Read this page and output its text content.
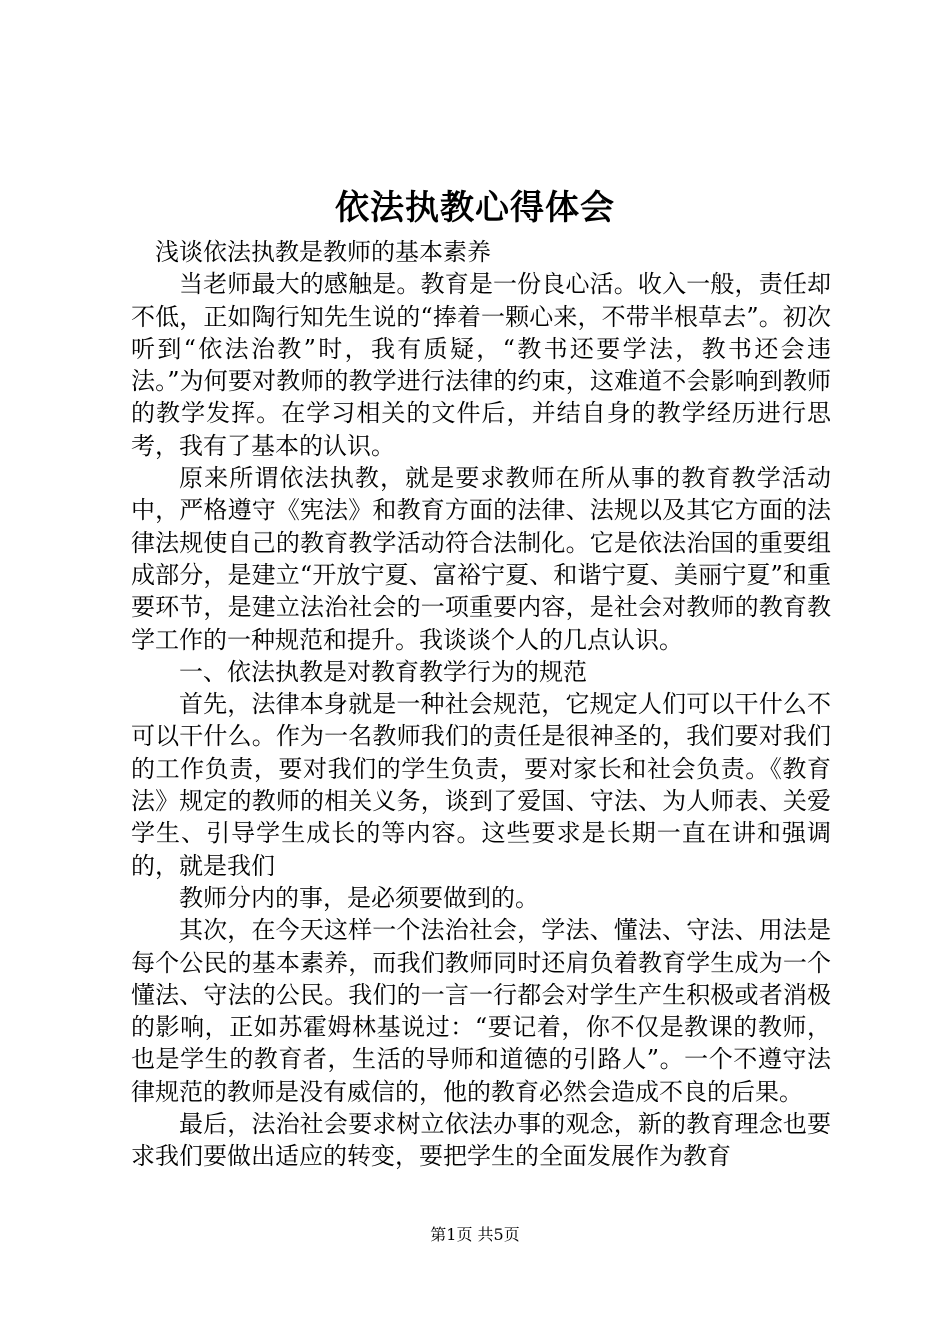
依法执教心得体会

浅谈依法执教是教师的基本素养

当老师最大的感触是。教育是一份良心活。收入一般，责任却不低，正如陶行知先生说的“捧着一颗心来，不带半根草去”。初次听到“依法治教”时，我有质疑，“教书还要学法，教书还会违法。”为何要对教师的教学进行法律的约束，这难道不会影响到教师的教学发挥。在学习相关的文件后，并结自身的教学经历进行思考，我有了基本的认识。

原来所谓依法执教，就是要求教师在所从事的教育教学活动中，严格遵守《宪法》和教育方面的法律、法规以及其它方面的法律法规使自己的教育教学活动符合法制化。它是依法治国的重要组成部分，是建立“开放宁夏、富裕宁夏、和谐宁夏、美丽宁夏”和重要环节，是建立法治社会的一项重要内容，是社会对教师的教育教学工作的一种规范和提升。我谈谈个人的几点认识。

一、依法执教是对教育教学行为的规范

首先，法律本身就是一种社会规范，它规定人们可以干什么不可以干什么。作为一名教师我们的责任是很神圣的，我们要对我们的工作负责，要对我们的学生负责，要对家长和社会负责。《教育法》规定的教师的相关义务，谈到了爱国、守法、为人师表、关爱学生、引导学生成长的等内容。这些要求是长期一直在讲和强调的，就是我们

教师分内的事，是必须要做到的。

其次，在今天这样一个法治社会，学法、懂法、守法、用法是每个公民的基本素养，而我们教师同时还肩负着教育学生成为一个懂法、守法的公民。我们的一言一行都会对学生产生积极或者消极的影响，正如苏霍姆林基说过：“要记着，你不仅是教课的教师，也是学生的教育者，生活的导师和道德的引路人”。一个不遵守法律规范的教师是没有威信的，他的教育必然会造成不良的后果。

最后，法治社会要求树立依法办事的观念，新的教育理念也要求我们要做出适应的转变，要把学生的全面发展作为教育

第1页 共5页
